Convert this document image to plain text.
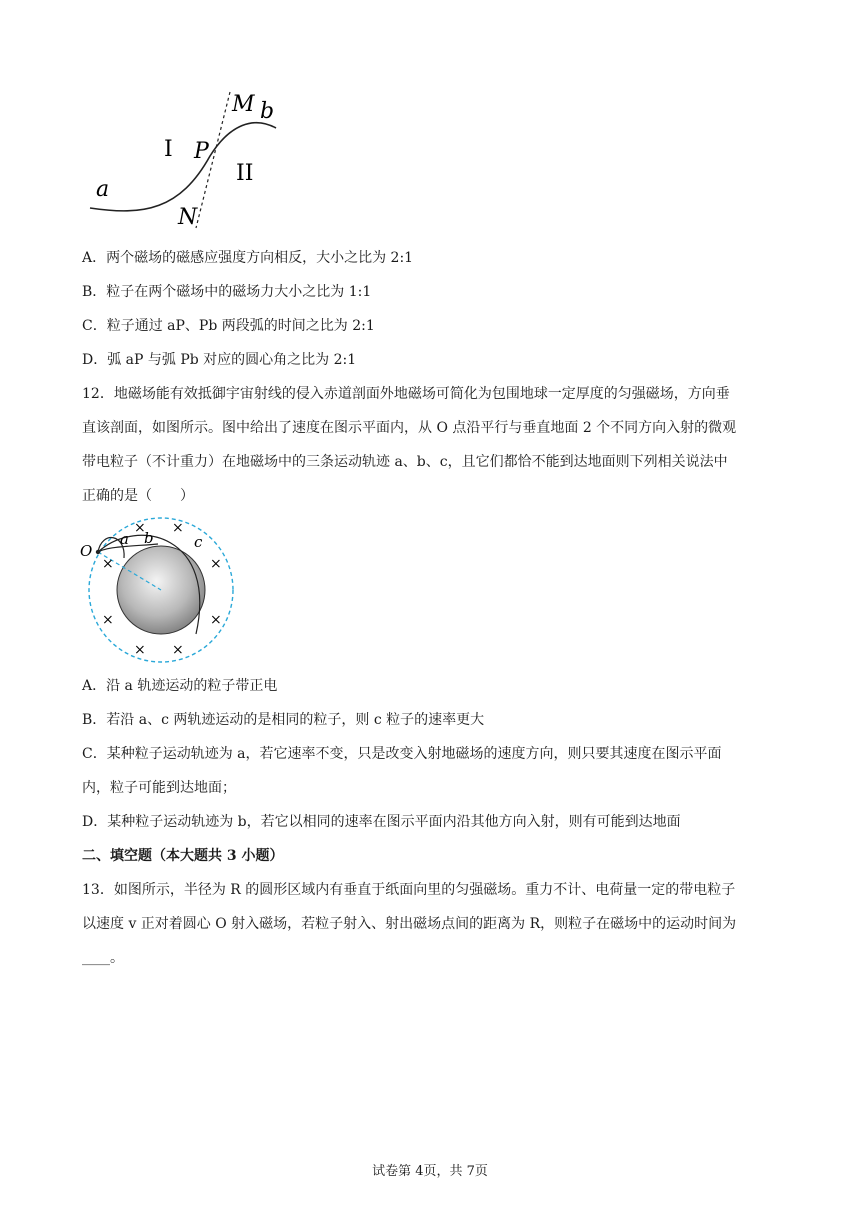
M b
I P
II
a
N
A．两个磁场的磁感应强度方向相反，大小之比为 2:1
B．粒子在两个磁场中的磁场力大小之比为 1:1
C．粒子通过 aP、Pb 两段弧的时间之比为 2:1
D．弧 aP 与弧 Pb 对应的圆心角之比为 2:1
12．地磁场能有效抵御宇宙射线的侵入赤道剖面外地磁场可简化为包围地球一定厚度的匀强磁场，方向垂
直该剖面，如图所示。图中给出了速度在图示平面内，从 O 点沿平行与垂直地面 2 个不同方向入射的微观
带电粒子（不计重力）在地磁场中的三条运动轨迹 a、b、c，且它们都恰不能到达地面则下列相关说法中
正确的是（　　）
O
a b	c
× ×
×	×
×	×
× ×
A．沿 a 轨迹运动的粒子带正电
B．若沿 a、c 两轨迹运动的是相同的粒子，则 c 粒子的速率更大
C．某种粒子运动轨迹为 a，若它速率不变，只是改变入射地磁场的速度方向，则只要其速度在图示平面
内，粒子可能到达地面；
D．某种粒子运动轨迹为 b，若它以相同的速率在图示平面内沿其他方向入射，则有可能到达地面
二、填空题（本大题共 3 小题）
13．如图所示，半径为 R 的圆形区域内有垂直于纸面向里的匀强磁场。重力不计、电荷量一定的带电粒子
以速度 v 正对着圆心 O 射入磁场，若粒子射入、射出磁场点间的距离为 R，则粒子在磁场中的运动时间为
____。
试卷第 4页，共 7页
